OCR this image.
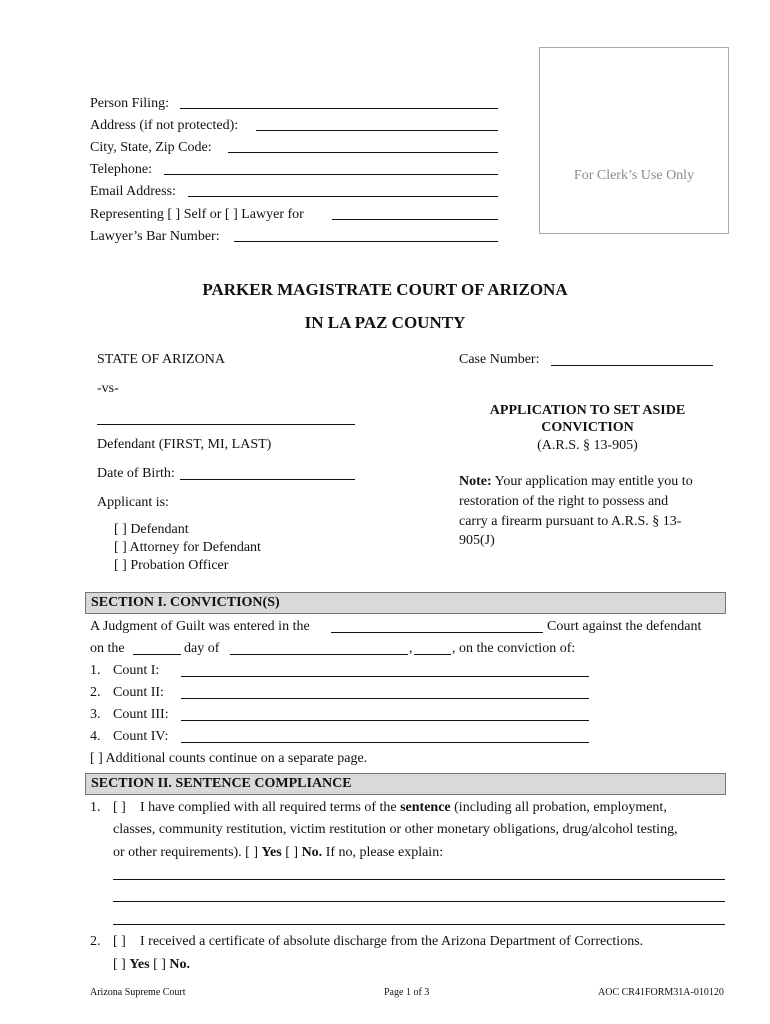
Person Filing:
Address (if not protected):
City, State, Zip Code:
Telephone:
Email Address:
Representing [ ] Self or [ ] Lawyer for
Lawyer’s Bar Number:
For Clerk’s Use Only
PARKER MAGISTRATE COURT OF ARIZONA
IN LA PAZ COUNTY
STATE OF ARIZONA
-vs-
Defendant (FIRST, MI, LAST)
Date of Birth:
Applicant is:
[ ] Defendant
[ ] Attorney for Defendant
[ ] Probation Officer
Case Number:
APPLICATION TO SET ASIDE
CONVICTION
(A.R.S. § 13-905)
Note: Your application may entitle you to
restoration of the right to possess and
carry a firearm pursuant to A.R.S. § 13-
905(J)
SECTION I. CONVICTION(S)
A Judgment of Guilt was entered in the	Court against the defendant
on the	day of	,	, on the conviction of:
1. Count I:
2. Count II:
3. Count III:
4. Count IV:
[ ] Additional counts continue on a separate page.
SECTION II. SENTENCE COMPLIANCE
1. [ ] I have complied with all required terms of the sentence (including all probation, employment,
classes, community restitution, victim restitution or other monetary obligations, drug/alcohol testing,
or other requirements). [ ] Yes [ ] No. If no, please explain:
2. [ ] I received a certificate of absolute discharge from the Arizona Department of Corrections.
[ ] Yes [ ] No.
Arizona Supreme Court	Page 1 of 3	AOC CR41FORM31A-010120
